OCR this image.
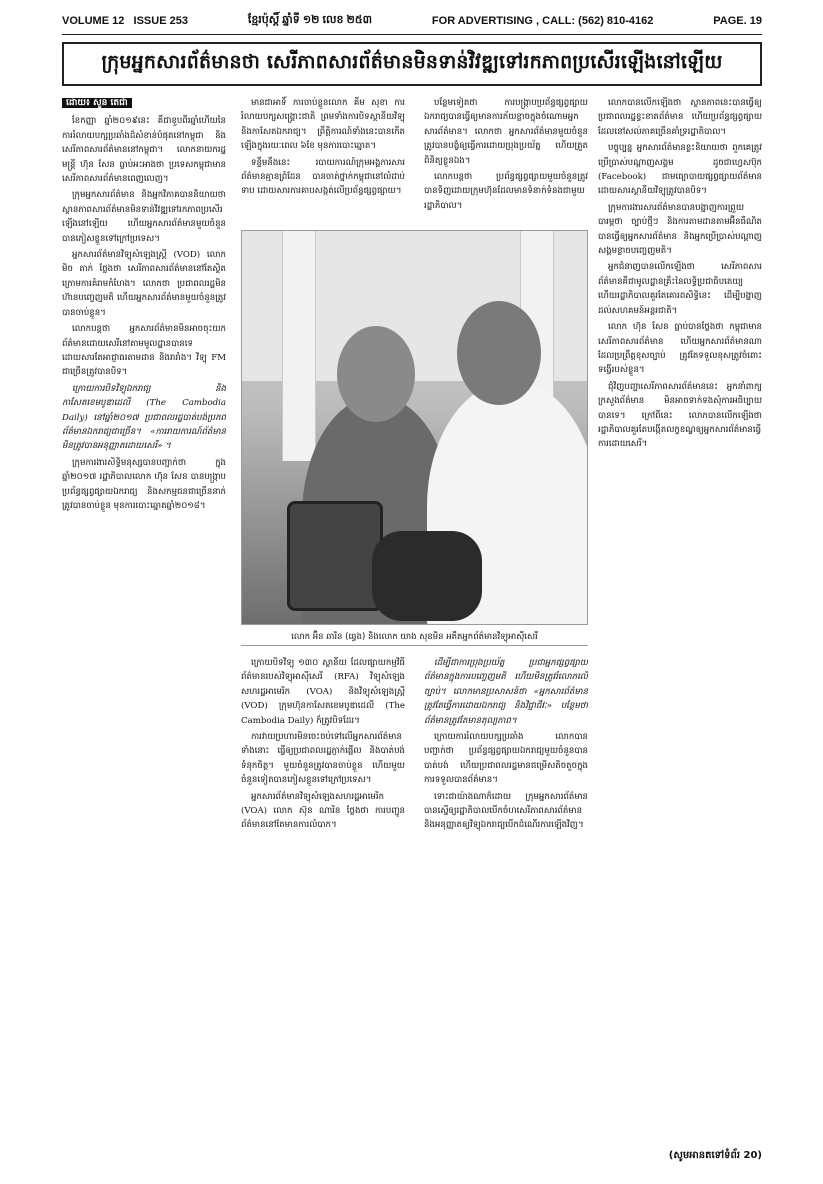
VOLUME 12 ISSUE 253	ខ្មែរប៉ុស្តិ៍ ឆ្នាំទី ១២ លេខ ២៥៣	FOR ADVERTISING , CALL: (562) 810-4162	PAGE. 19
ក្រុមអ្នកសារព័ត៌មានថា សេរីភាពសារព័ត៌មានមិនទាន់វិវឌ្ឍទៅរកភាពប្រសើរឡើងនៅឡើយ
ដោយ៖ សួន តេជា

ខែកញ្ញា ឆ្នាំ២០១៩នេះ គឺជាខួបពីរឆ្នាំហើយនៃការរំលាយបក្សប្រឆាំងដ៏សំខាន់បំផុតនៅកម្ពុជា និងសេរីភាពសារព័ត៌មាននៅកម្ពុជា។ លោកនាយករដ្ឋមន្ត្រី ហ៊ុន សែន ធ្លាប់អះអាងថា ប្រទេសកម្ពុជាមានសេរីភាពសារព័ត៌មានពេញលេញ។

ក្រុមអ្នកសារព័ត៌មាន និងអ្នកវិភាគបាននិយាយថា ស្ថានភាពសារព័ត៌មានមិនទាន់វិវឌ្ឍទៅរកភាពប្រសើរឡើងនៅឡើយ ហើយអ្នកសារព័ត៌មានមួយចំនួនបានភៀសខ្លួនទៅក្រៅប្រទេស។

អ្នកសារព័ត៌មានវិទ្យុសំឡេងស្ត្រី (VOD) លោក មិច តាក់ ថ្លែងថា សេរីភាពសារព័ត៌មាននៅតែស្ថិតក្រោមការគំរាមកំហែង។ លោកថា ប្រជាពលរដ្ឋមិនហ៊ានបញ្ចេញមតិ ហើយអ្នកសារព័ត៌មានមួយចំនួនត្រូវបានចាប់ខ្លួន។

លោកបន្តថា អ្នកសារព័ត៌មានមិនអាចចុះយកព័ត៌មានដោយសេរីនៅតាមមូលដ្ឋានបានទេ ដោយសារតែអាជ្ញាធរតាមដាន និងរារាំង។ វិទ្យុ FM ជាច្រើនត្រូវបានបិទ។

ក្រោយការបិទវិទ្យុឯករាជ្យ និងកាសែតខេមបូឌាដេលី (The Cambodia Daily) នៅឆ្នាំ២០១៧ ប្រជាពលរដ្ឋបាត់បង់ប្រភពព័ត៌មានឯករាជ្យជាច្រើន។ «ការរាយការណ៍ព័ត៌មានមិនត្រូវបានអនុញ្ញាតដោយសេរី» ។

ក្រុមការងារសិទ្ធិមនុស្សបានបញ្ជាក់ថា ក្នុងឆ្នាំ២០១៧ រដ្ឋាភិបាលលោក ហ៊ុន សែន បានបង្ក្រាបប្រព័ន្ធផ្សព្វផ្សាយឯករាជ្យ និងសកម្មជនជាច្រើននាក់ត្រូវបានចាប់ខ្លួន មុនការបោះឆ្នោតឆ្នាំ២០១៨។

មានជាអាទិ៍ ការចាប់ខ្លួនលោក គីម សុខា ការរំលាយបក្សសង្គ្រោះជាតិ ព្រមទាំងការបិទស្ថានីយវិទ្យុ និងកាសែតឯករាជ្យ។ ព្រឹត្តិការណ៍ទាំងនេះបានកើតឡើងក្នុងរយៈពេល ៦ខែ មុនការបោះឆ្នោត។

ទន្ទឹមនឹងនេះ របាយការណ៍ក្រុមអង្គការសារព័ត៌មានគ្មានព្រំដែន បានចាត់ថ្នាក់កម្ពុជានៅលំដាប់ទាប ដោយសារការគាបសង្កត់លើប្រព័ន្ធផ្សព្វផ្សាយ។

បន្ថែមទៀតថា ការបង្ក្រាបប្រព័ន្ធផ្សព្វផ្សាយឯករាជ្យបានធ្វើឲ្យមានការភ័យខ្លាចក្នុងចំណោមអ្នកសារព័ត៌មាន។ លោកថា អ្នកសារព័ត៌មានមួយចំនួនត្រូវបានបង្ខំឲ្យធ្វើការដោយប្រុងប្រយ័ត្ន ហើយត្រួតពិនិត្យខ្លួនឯង។

លោកបន្តថា ប្រព័ន្ធផ្សព្វផ្សាយមួយចំនួនត្រូវបានទិញដោយក្រុមហ៊ុនដែលមានទំនាក់ទំនងជាមួយរដ្ឋាភិបាល។

លោក អ៊ិន ឆារិន (ឆ្វេង) និងលោក យាង សុខមិន អតីតអ្នកព័ត៌មានវិទ្យុអាស៊ីសេរី

ក្រោយបិទវិទ្យុ ១៣០ ស្ថានីយ ដែលផ្សាយកម្មវិធីព័ត៌មានរបស់វិទ្យុអាស៊ីសេរី (RFA) វិទ្យុសំឡេងសហរដ្ឋអាមេរិក (VOA) និងវិទ្យុសំឡេងស្ត្រី (VOD) ក្រុមហ៊ុនកាសែតខេមបូឌាដេលី (The Cambodia Daily) ក៏ត្រូវបិទដែរ។

ការវាយប្រហារមិនចេះចប់ទៅលើអ្នកសារព័ត៌មានទាំងនោះ ធ្វើឲ្យប្រជាពលរដ្ឋភ្ញាក់ផ្អើល និងបាត់បង់ទំនុកចិត្ត។ មួយចំនួនត្រូវបានចាប់ខ្លួន ហើយមួយចំនួនទៀតបានភៀសខ្លួនទៅក្រៅប្រទេស។

អ្នកសារព័ត៌មានវិទ្យុសំឡេងសហរដ្ឋអាមេរិក (VOA) លោក ស៊ុន ណារិន ថ្លែងថា ការបញ្ជូនព័ត៌មាននៅតែមានការលំបាក។

ដើម្បីជាការប្រុងប្រយ័ត្ន ប្រជាអ្នកផ្សព្វផ្សាយព័ត៌មានក្នុងការបញ្ចេញមតិ ហើយមិនត្រូវរំលោភលើច្បាប់។ លោកមានប្រសាសន៍ថា «អ្នកសារព័ត៌មានត្រូវតែធ្វើការដោយឯករាជ្យ និងវិជ្ជាជីវៈ» បន្ថែមថា ព័ត៌មានត្រូវតែមានតុល្យភាព។

ក្រោយការរំលាយបក្សប្រឆាំង លោកបានបញ្ជាក់ថា ប្រព័ន្ធផ្សព្វផ្សាយឯករាជ្យមួយចំនួនបានបាត់បង់ ហើយប្រជាពលរដ្ឋមានជម្រើសតិចតួចក្នុងការទទួលបានព័ត៌មាន។

ទោះជាយ៉ាងណាក៏ដោយ ក្រុមអ្នកសារព័ត៌មានបានស្នើឲ្យរដ្ឋាភិបាលបើកចំហសេរីភាពសារព័ត៌មាន និងអនុញ្ញាតឲ្យវិទ្យុឯករាជ្យបើកដំណើរការឡើងវិញ។

លោកបានលើកឡើងថា ស្ថានភាពនេះបានធ្វើឲ្យប្រជាពលរដ្ឋខ្វះខាតព័ត៌មាន ហើយប្រព័ន្ធផ្សព្វផ្សាយដែលនៅសល់ភាគច្រើនគាំទ្ររដ្ឋាភិបាល។

បច្ចុប្បន្ន អ្នកសារព័ត៌មានខ្លះនិយាយថា ពួកគេត្រូវប្រើប្រាស់បណ្តាញសង្គម ដូចជាហ្វេសប៊ុក (Facebook) ជាមធ្យោបាយផ្សព្វផ្សាយព័ត៌មាន ដោយសារស្ថានីយវិទ្យុត្រូវបានបិទ។

ក្រុមការងារសារព័ត៌មានបានបង្ហាញការព្រួយបារម្ភថា ច្បាប់ថ្មីៗ និងការតាមដានតាមអ៊ីនធឺណិត បានធ្វើឲ្យអ្នកសារព័ត៌មាន និងអ្នកប្រើប្រាស់បណ្តាញសង្គមខ្លាចបញ្ចេញមតិ។

អ្នកជំនាញបានលើកឡើងថា សេរីភាពសារព័ត៌មានគឺជាមូលដ្ឋានគ្រឹះនៃលទ្ធិប្រជាធិបតេយ្យ ហើយរដ្ឋាភិបាលគួរតែគោរពសិទ្ធិនេះ ដើម្បីបង្ហាញដល់សហគមន៍អន្តរជាតិ។

លោក ហ៊ុន សែន ធ្លាប់បានថ្លែងថា កម្ពុជាមានសេរីភាពសារព័ត៌មាន ហើយអ្នកសារព័ត៌មានណាដែលប្រព្រឹត្តខុសច្បាប់ ត្រូវតែទទួលខុសត្រូវចំពោះទង្វើរបស់ខ្លួន។

ជុំវិញបញ្ហាសេរីភាពសារព័ត៌មាននេះ អ្នកនាំពាក្យក្រសួងព័ត៌មាន មិនអាចទាក់ទងសុំការអធិប្បាយបានទេ។ ក្រៅពីនេះ លោកបានលើកឡើងថា រដ្ឋាភិបាលគួរតែបង្កើតលក្ខខណ្ឌឲ្យអ្នកសារព័ត៌មានធ្វើការដោយសេរី។

(សូមអានតទៅទំព័រ 20)
